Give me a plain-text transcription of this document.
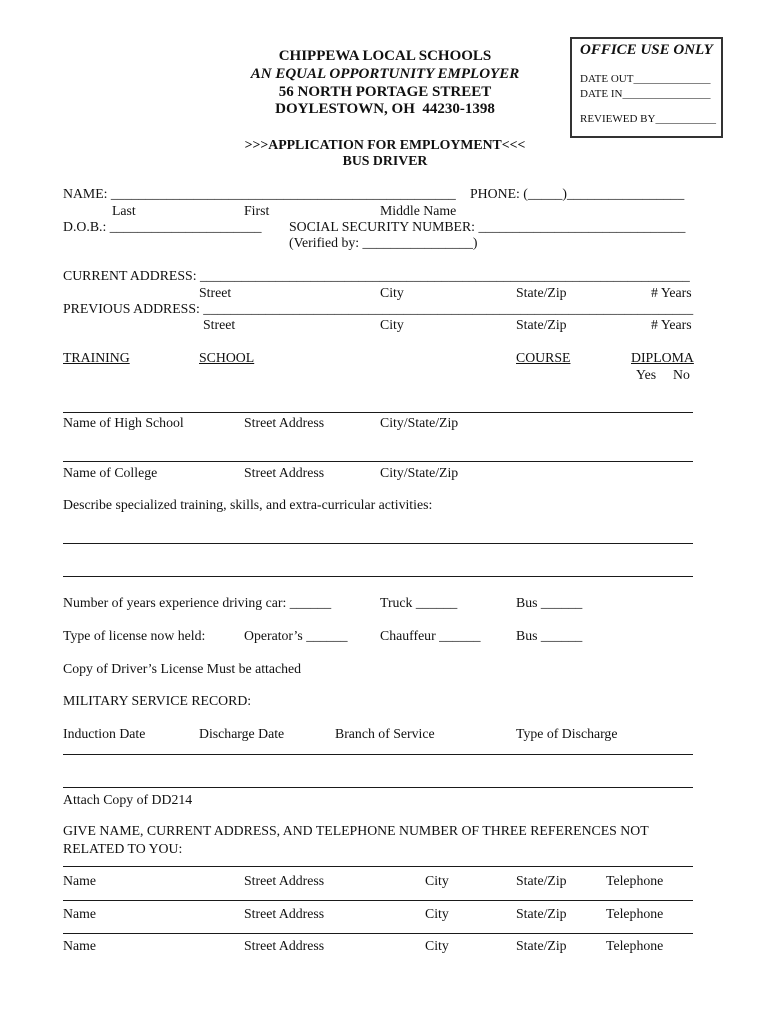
CHIPPEWA LOCAL SCHOOLS
AN EQUAL OPPORTUNITY EMPLOYER
56 NORTH PORTAGE STREET
DOYLESTOWN, OH  44230-1398
>>>APPLICATION FOR EMPLOYMENT<<<
BUS DRIVER
OFFICE USE ONLY
DATE OUT______________
DATE IN________________
REVIEWED BY___________
NAME: __________________________________________________ PHONE: (_____)_________________
Last	First	Middle Name
D.O.B.: ______________________ SOCIAL SECURITY NUMBER: ______________________________
(Verified by: ________________)
CURRENT ADDRESS: _______________________________________________________________________
Street	City	State/Zip	# Years
PREVIOUS ADDRESS: _______________________________________________________________________
Street	City	State/Zip	# Years
TRAINING	SCHOOL	COURSE	DIPLOMA
Yes No
Name of High School	Street Address	City/State/Zip
Name of College	Street Address	City/State/Zip
Describe specialized training, skills, and extra-curricular activities:
Number of years experience driving car: ______	Truck ______	Bus ______
Type of license now held:	Operator’s ______ Chauffeur ______	Bus ______
Copy of Driver’s License Must be attached
MILITARY SERVICE RECORD:
Induction Date	Discharge Date	Branch of Service	Type of Discharge
Attach Copy of DD214
GIVE NAME, CURRENT ADDRESS, AND TELEPHONE NUMBER OF THREE REFERENCES NOT
RELATED TO YOU:
Name	Street Address	City	State/Zip	Telephone
Name	Street Address	City	State/Zip	Telephone
Name	Street Address	City	State/Zip	Telephone
